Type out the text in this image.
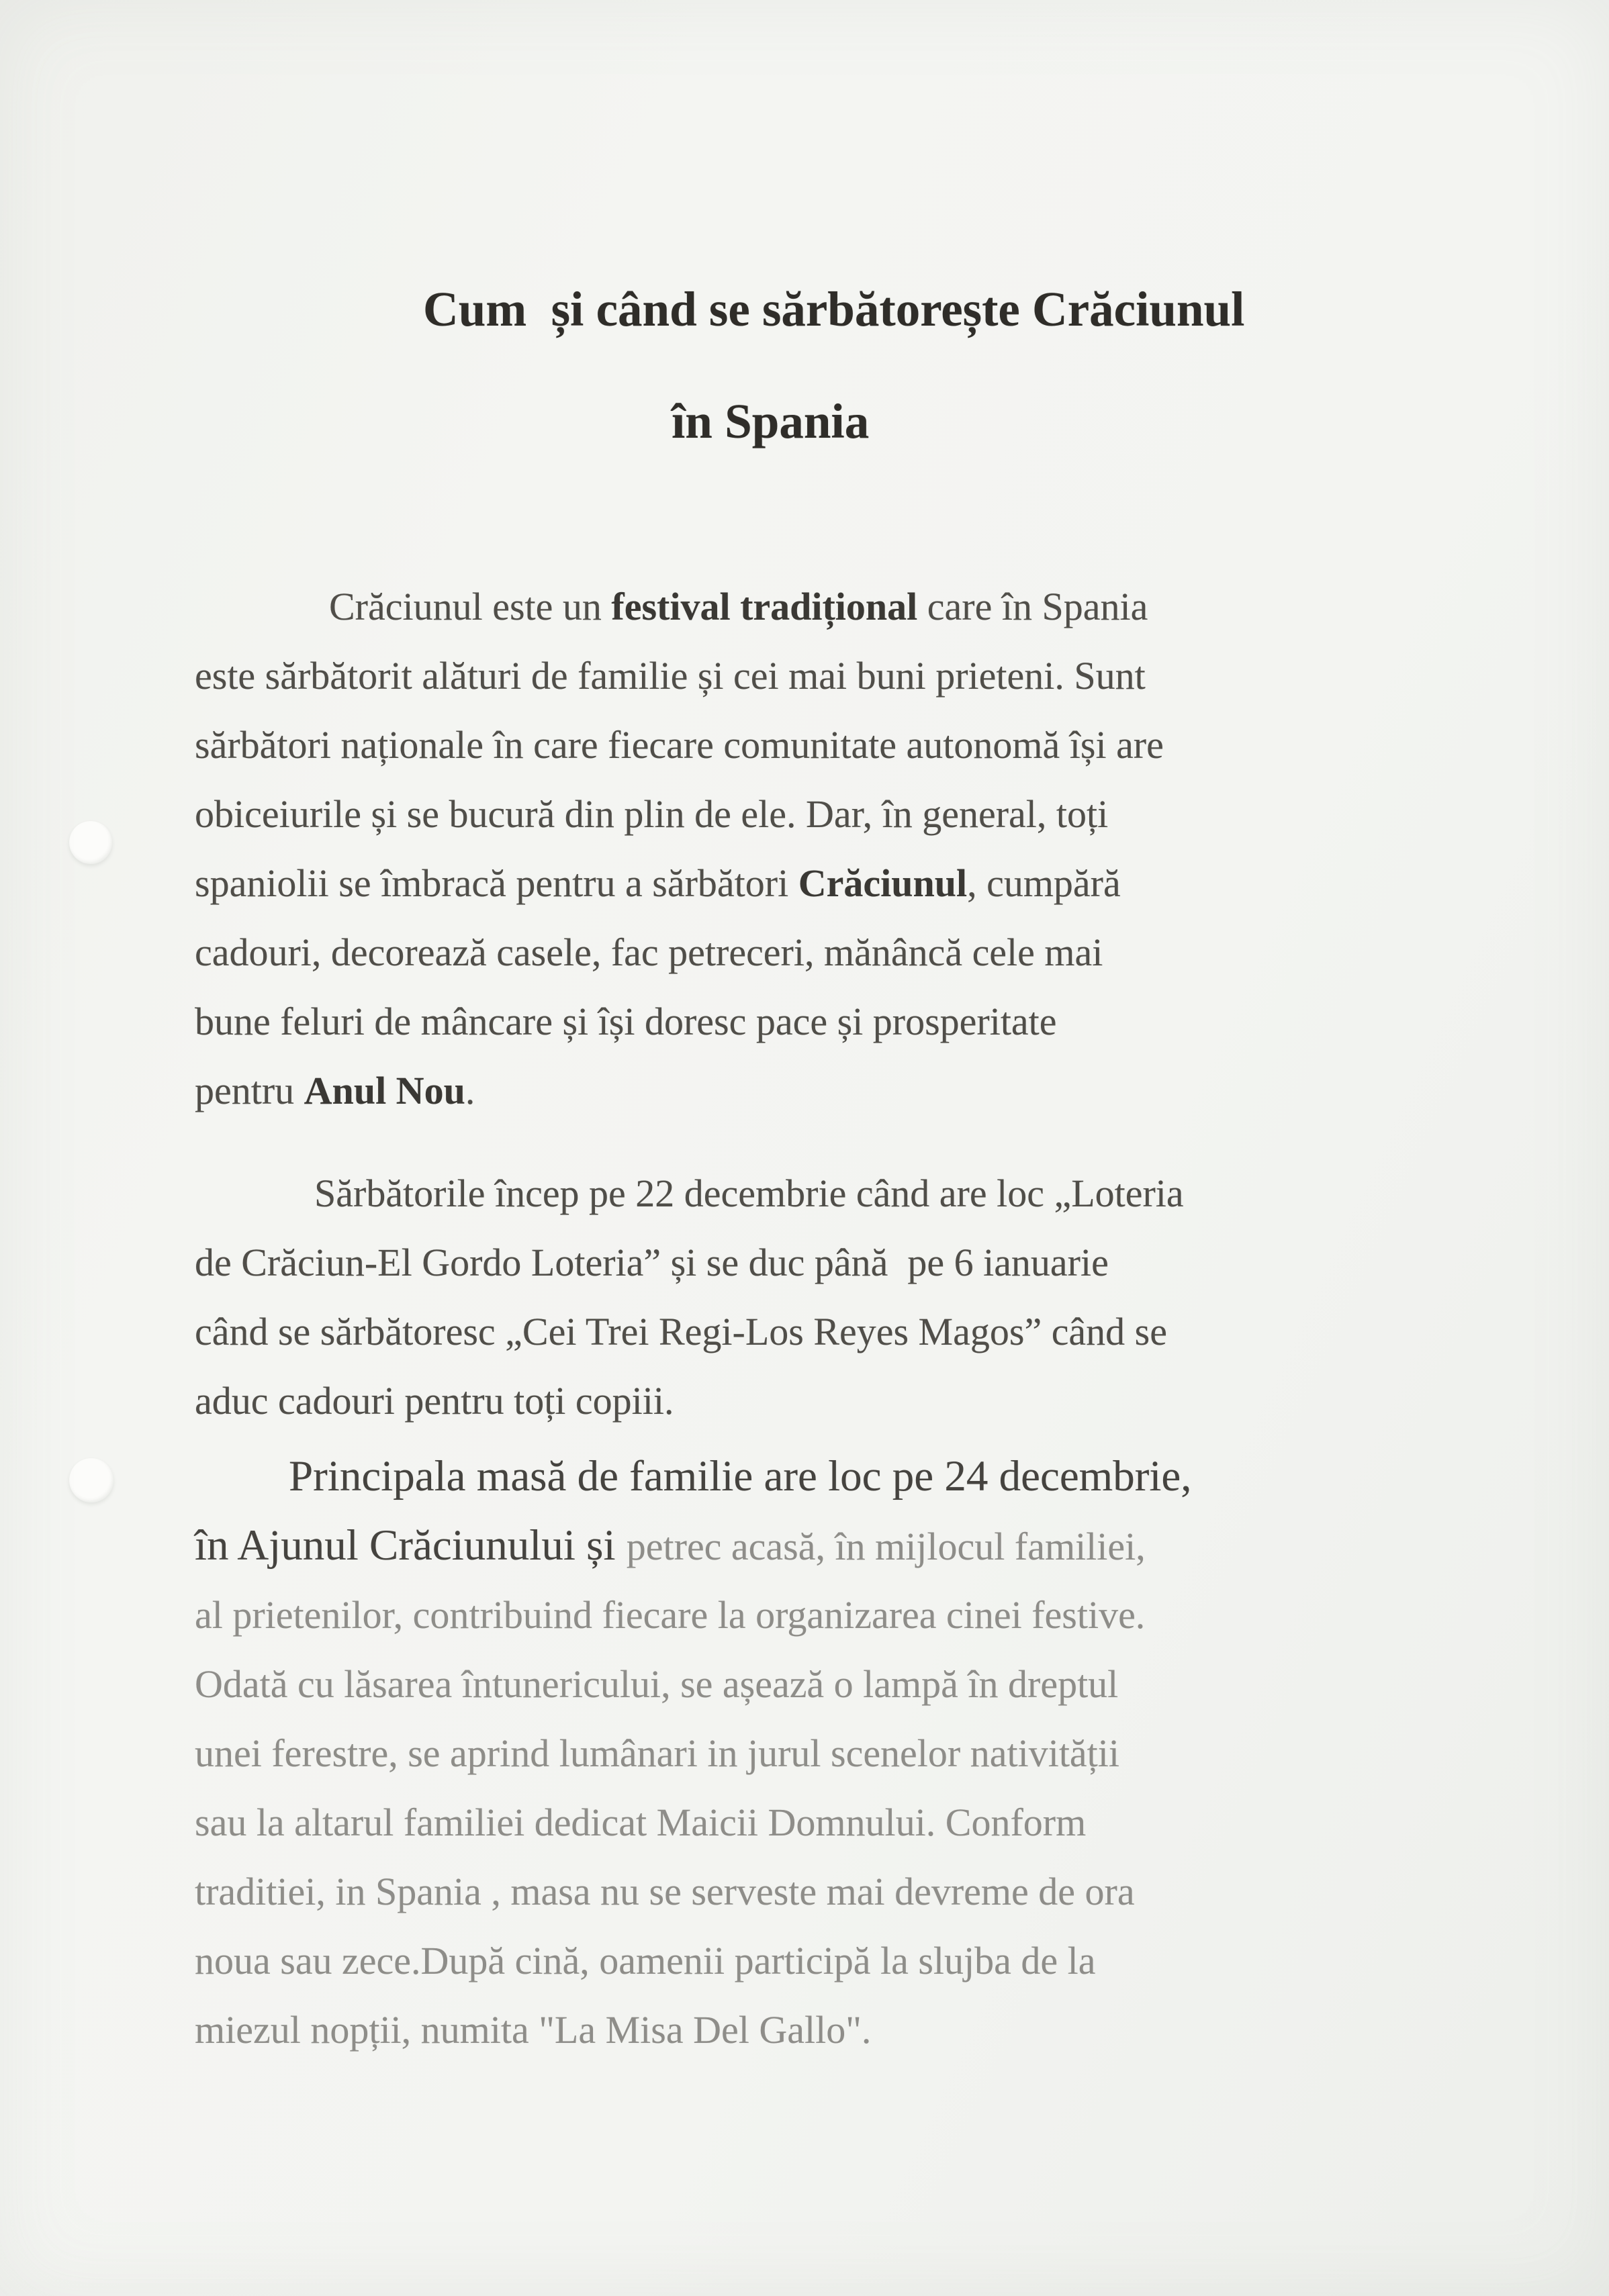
Cum  și când se sărbătorește Crăciunul
în Spania
Crăciunul este un festival tradițional care în Spania
este sărbătorit alături de familie și cei mai buni prieteni. Sunt
sărbători naționale în care fiecare comunitate autonomă își are
obiceiurile și se bucură din plin de ele. Dar, în general, toți
spaniolii se îmbracă pentru a sărbători Crăciunul, cumpără
cadouri, decorează casele, fac petreceri, mănâncă cele mai
bune feluri de mâncare și își doresc pace și prosperitate
pentru Anul Nou.
Sărbătorile încep pe 22 decembrie când are loc „Loteria
de Crăciun-El Gordo Loteria” și se duc până  pe 6 ianuarie
când se sărbătoresc „Cei Trei Regi-Los Reyes Magos” când se
aduc cadouri pentru toți copiii.
Principala masă de familie are loc pe 24 decembrie,
în Ajunul Crăciunului și petrec acasă, în mijlocul familiei,
al prietenilor, contribuind fiecare la organizarea cinei festive.
Odată cu lăsarea întunericului, se așează o lampă în dreptul
unei ferestre, se aprind lumânari in jurul scenelor nativității
sau la altarul familiei dedicat Maicii Domnului. Conform
traditiei, in Spania , masa nu se serveste mai devreme de ora
noua sau zece.După cină, oamenii participă la slujba de la
miezul nopții, numita "La Misa Del Gallo".
